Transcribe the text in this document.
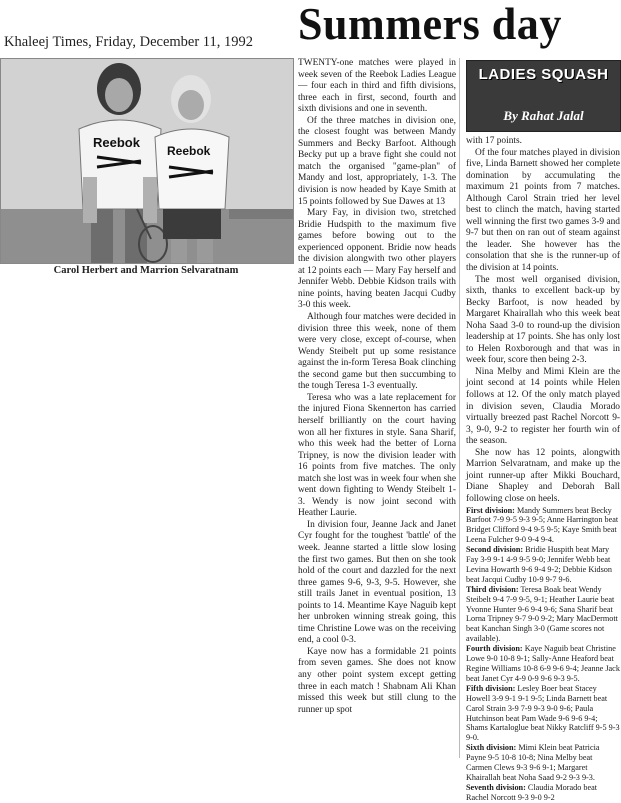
Summers day
Khaleej Times, Friday, December 11, 1992
Reebok
Reebok
Carol Herbert and Marrion Selvaratnam

TWENTY-one matches were played in week seven of the Reebok Ladies League — four each in third and fifth divisions, three each in first, second, fourth and sixth divisions and one in seventh.

Of the three matches in division one, the closest fought was between Mandy Summers and Becky Barfoot. Although Becky put up a brave fight she could not match the organised "game-plan" of Mandy and lost, appropriately, 1-3. The division is now headed by Kaye Smith at 15 points followed by Sue Dawes at 13

Mary Fay, in division two, stretched Bridie Hudspith to the maximum five games before bowing out to the experienced opponent. Bridie now heads the division alongwith two other players at 12 points each — Mary Fay herself and Jennifer Webb. Debbie Kidson trails with nine points, having beaten Jacqui Cudby 3-0 this week.

Although four matches were decided in division three this week, none of them were very close, except of-course, when Wendy Steibelt put up some resistance against the in-form Teresa Boak clinching the second game but then succumbing to the tough Teresa 1-3 eventually.

Teresa who was a late replacement for the injured Fiona Skennerton has carried herself brilliantly on the court having won all her fixtures in style. Sana Sharif, who this week had the better of Lorna Tripney, is now the division leader with 16 points from five matches. The only match she lost was in week four when she went down fighting to Wendy Steibelt 1-3. Wendy is now joint second with Heather Laurie.

In division four, Jeanne Jack and Janet Cyr fought for the toughest 'battle' of the week. Jeanne started a little slow losing the first two games. But then on she took hold of the court and dazzled for the next three games 9-6, 9-3, 9-5. However, she still trails Janet in eventual position, 13 points to 14. Meantime Kaye Naguib kept her unbroken winning streak going, this time Christine Lowe was on the receiving end, a cool 0-3.

Kaye now has a formidable 21 points from seven games. She does not know any other point system except getting three in each match ! Shabnam Ali Khan missed this week but still clung to the runner up spot

LADIES SQUASH
By Rahat Jalal

with 17 points.

Of the four matches played in division five, Linda Barnett showed her complete domination by accumulating the maximum 21 points from 7 matches. Although Carol Strain tried her level best to clinch the match, having started well winning the first two games 3-9 and 9-7 but then on ran out of steam against the leader. She however has the consolation that she is the runner-up of the division at 14 points.

The most well organised division, sixth, thanks to excellent back-up by Becky Barfoot, is now headed by Margaret Khairallah who this week beat Noha Saad 3-0 to round-up the division leadership at 17 points. She has only lost to Helen Roxborough and that was in week four, score then being 2-3.

Nina Melby and Mimi Klein are the joint second at 14 points while Helen follows at 12. Of the only match played in division seven, Claudia Morado virtually breezed past Rachel Norcott 9-3, 9-0, 9-2 to register her fourth win of the season.

She now has 12 points, alongwith Marrion Selvaratnam, and make up the joint runner-up after Mikki Bouchard, Diane Shapley and Deborah Ball following close on heels.

First division: Mandy Summers beat Becky Barfoot 7-9 9-5 9-3 9-5; Anne Harrington beat Bridget Clifford 9-4 9-5 9-5; Kaye Smith beat Leena Fulcher 9-0 9-4 9-4.
Second division: Bridie Huspith beat Mary Fay 3-9 9-1 4-9 9-5 9-0; Jennifer Webb beat Levina Howarth 9-6 9-4 9-2; Debbie Kidson beat Jacqui Cudby 10-9 9-7 9-6.
Third division: Teresa Boak beat Wendy Steibelt 9-4 7-9 9-5, 9-1; Heather Laurie beat Yvonne Hunter 9-6 9-4 9-6; Sana Sharif beat Lorna Tripney 9-7 9-0 9-2; Mary MacDermott beat Kanchan Singh 3-0 (Game scores not available).
Fourth division: Kaye Naguib beat Christine Lowe 9-0 10-8 9-1; Sally-Anne Heaford beat Regine Williams 10-8 6-9 9-6 9-4; Jeanne Jack beat Janet Cyr 4-9 0-9 9-6 9-3 9-5.
Fifth division: Lesley Boer beat Stacey Howell 3-9 9-1 9-1 9-5; Linda Barnett beat Carol Strain 3-9 7-9 9-3 9-0 9-6; Paula Hutchinson beat Pam Wade 9-6 9-6 9-4; Shams Kartaloglue beat Nikky Ratcliff 9-5 9-3 9-0.
Sixth division: Mimi Klein beat Patricia Payne 9-5 10-8 10-8; Nina Melby beat Carmen Clews 9-3 9-6 9-1; Margaret Khairallah beat Noha Saad 9-2 9-3 9-3.
Seventh division: Claudia Morado beat Rachel Norcott 9-3 9-0 9-2
